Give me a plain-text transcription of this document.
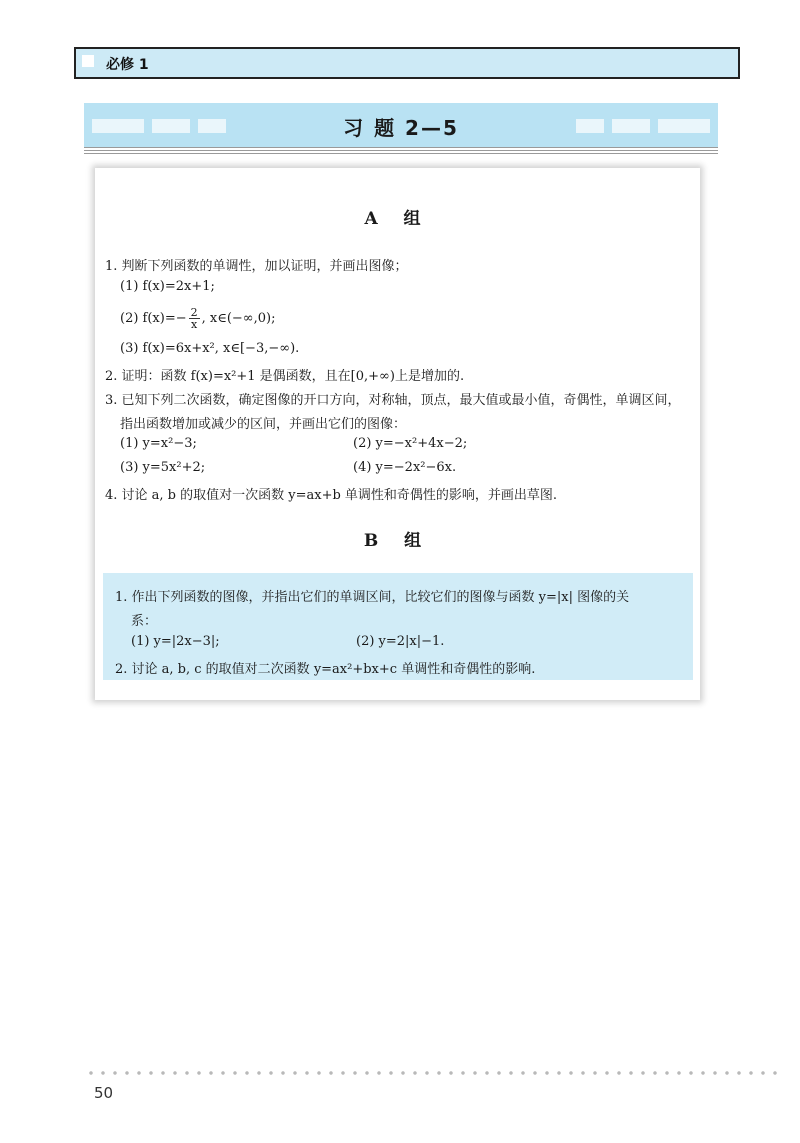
必修 1
习 题 2—5
A 组
1. 判断下列函数的单调性，加以证明，并画出图像；
(1) f(x)=2x+1;
(2) $f(x)=- \frac{2}{x}$ , x∈(−∞,0);
(3) f(x)=6x+x², x∈[−3,−∞).
2. 证明：函数 f(x)=x²+1 是偶函数，且在[0,+∞)上是增加的.
3. 已知下列二次函数，确定图像的开口方向，对称轴，顶点，最大值或最小值，奇偶性，单调区间，
指出函数增加或减少的区间，并画出它们的图像：
(1) y=x²−3;	(2) y=−x²+4x−2;
(3) y=5x²+2;	(4) y=−2x²−6x.
4. 讨论 a, b 的取值对一次函数 y=ax+b 单调性和奇偶性的影响，并画出草图.
B 组
1. 作出下列函数的图像，并指出它们的单调区间，比较它们的图像与函数 y=|x| 图像的关
系：
(1) y=|2x−3|;	(2) y=2|x|−1.
2. 讨论 a, b, c 的取值对二次函数 y=ax²+bx+c 单调性和奇偶性的影响.
50
